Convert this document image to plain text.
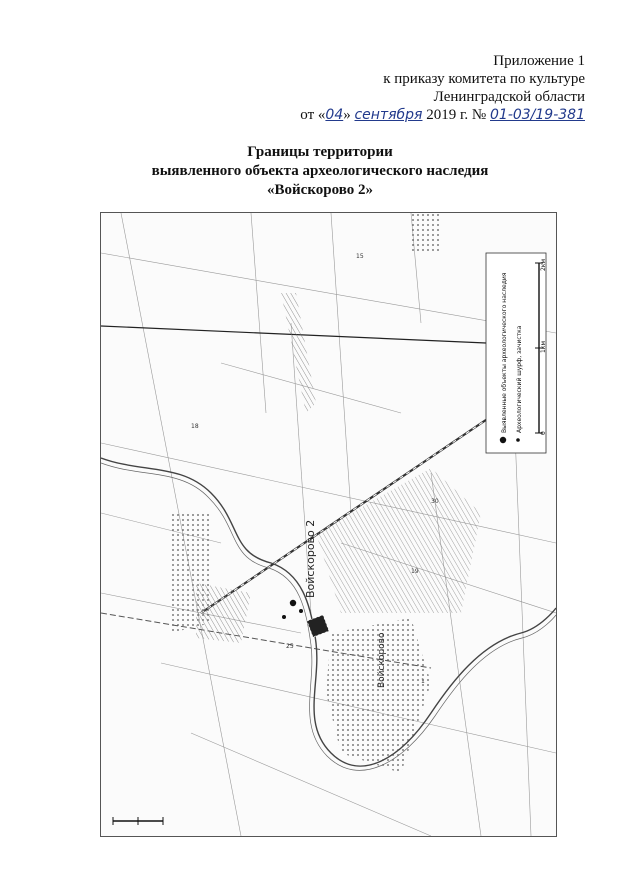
Приложение 1
к приказу комитета по культуре
Ленинградской области
от «04» сентября 2019 г. № 01-03/19-381
Границы территории
выявленного объекта археологического наследия
«Войскорово 2»
Войскорово 2
Войскорово
15
25
30
1
18
19
Выявленные объекты археологического наследия Археологический шурф, зачистка
0
1км
2км
